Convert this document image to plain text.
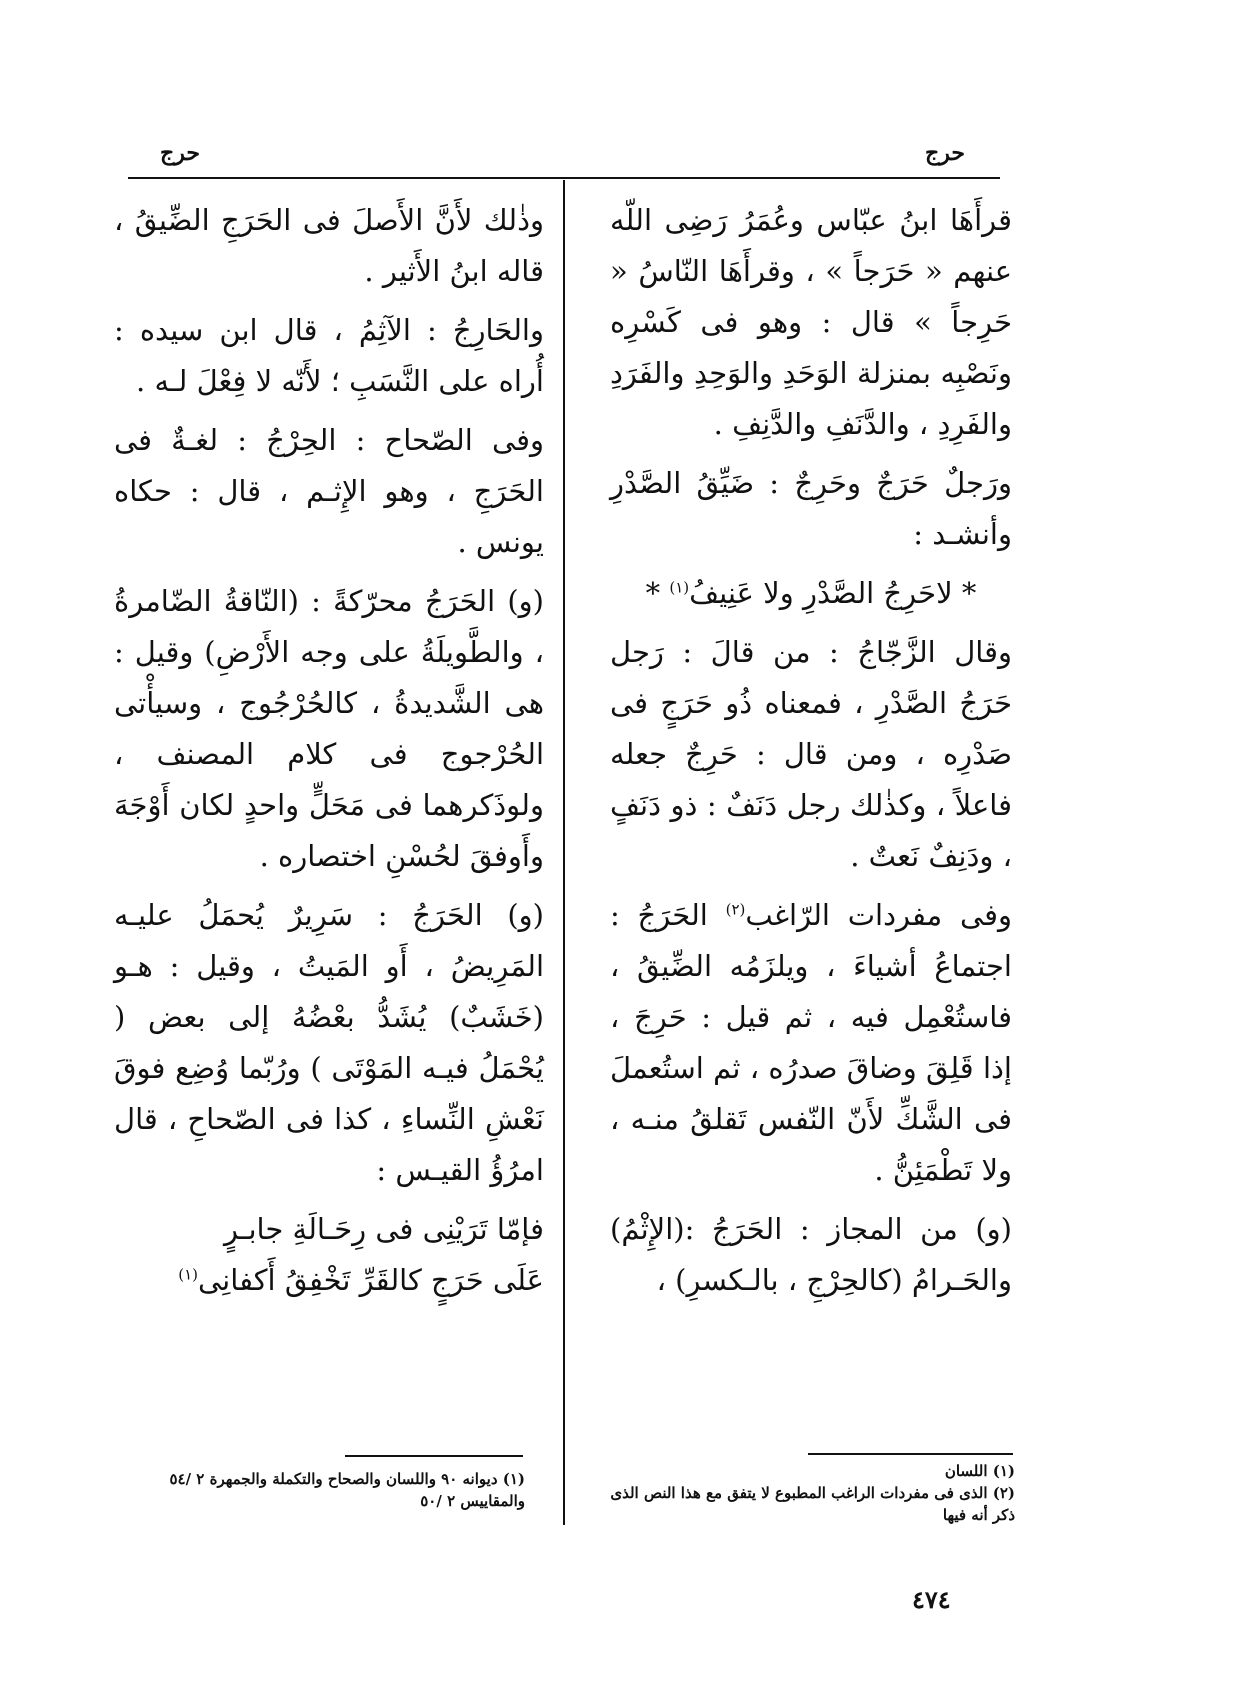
حرج	حرج

قرأَهَا ابنُ عبّاس وعُمَرُ رَضِى اللّه عنهم « حَرَجاً » ، وقرأَهَا النّاسُ « حَرِجاً » قال : وهو فى كَسْرِه ونَصْبِه بمنزلة الوَحَدِ والوَحِدِ والفَرَدِ والفَرِدِ ، والدَّنَفِ والدَّنِفِ .

ورَجلٌ حَرَجٌ وحَرِجٌ : ضَيِّقُ الصَّدْرِ وأنشـد :

* لاحَرِجُ الصَّدْرِ ولا عَنِيفُ$^{(١)}$ *

وقال الزَّجّاجُ : من قالَ : رَجل حَرَجُ الصَّدْرِ ، فمعناه ذُو حَرَجٍ فى صَدْرِه ، ومن قال : حَرِجٌ جعله فاعلاً ، وكذٰلك رجل دَنَفٌ : ذو دَنَفٍ ، ودَنِفٌ نَعتٌ .

وفى مفردات الرّاغب$^{(٢)}$ الحَرَجُ : اجتماعُ أشياءَ ، ويلزَمُه الضِّيقُ ، فاستُعْمِل فيه ، ثم قيل : حَرِجَ ، إذا قَلِقَ وضاقَ صدرُه ، ثم استُعملَ فى الشَّكِّ لأَنّ النّفس تَقلقُ منـه ، ولا تَطْمَئِنُّ .

(و) من المجاز : الحَرَجُ :(الإِثْمُ) والحَـرامُ (كالحِرْجِ ، بالـكسرِ) ،

وذٰلك لأَنَّ الأَصلَ فى الحَرَجِ الضِّيقُ ، قاله ابنُ الأَثير .

والحَارِجُ : الآثِمُ ، قال ابن سيده : أُراه على النَّسَبِ ؛ لأَنّه لا فِعْلَ لـه .

وفى الصّحاح : الحِرْجُ : لغـةٌ فى الحَرَجِ ، وهو الإِثـم ، قال : حكاه يونس .

(و) الحَرَجُ محرّكةً : (النّاقةُ الضّامرةُ ، والطَّويلَةُ على وجه الأَرْضِ) وقيل : هى الشَّديدةُ ، كالحُرْجُوج ، وسيأْتى الحُرْجوج فى كلام المصنف ، ولوذَكرهما فى مَحَلٍّ واحدٍ لكان أَوْجَهَ وأَوفقَ لحُسْنِ اختصاره .

(و) الحَرَجُ : سَرِيرٌ يُحمَلُ عليـه المَرِيضُ ، أَو المَيتُ ، وقيل : هـو (خَشَبٌ) يُشَدُّ بعْضُهُ إلى بعض ( يُحْمَلُ فيـه المَوْتَى ) ورُبّما وُضِع فوقَ نَعْشِ النِّساءِ ، كذا فى الصّحاحِ ، قال امرُؤُ القيـس :

فإمّا تَرَيْنِى فى رِحَـالَةِ جابـرٍ

عَلَى حَرَجٍ كالقَرِّ تَخْفِقُ أَكفانِى$^{(١)}$

(١) اللسان
(٢) الذى فى مفردات الراغب المطبوع لا يتفق مع هذا النص الذى ذكر أنه فيها
(١) ديوانه ٩٠ واللسان والصحاح والتكملة والجمهرة ٢ /٥٤ والمقاييس ٢ /٥٠
٤٧٤
